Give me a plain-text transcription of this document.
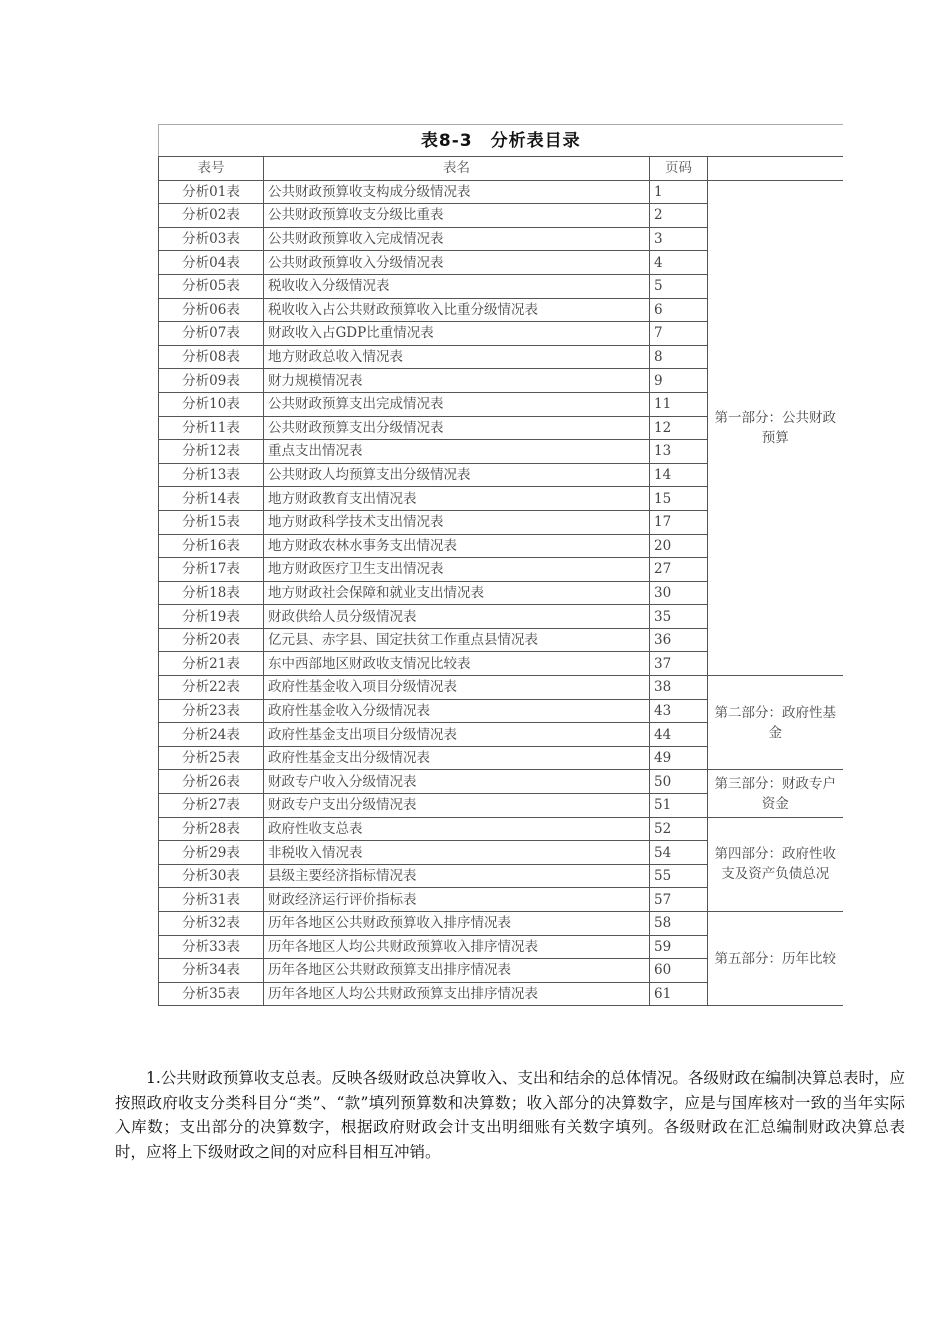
表8-3　分析表目录			
表号	表名	页码	
分析01表	公共财政预算收支构成分级情况表	1	第一部分：公共财政预算
分析02表	公共财政预算收支分级比重表	2	
分析03表	公共财政预算收入完成情况表	3	
分析04表	公共财政预算收入分级情况表	4	
分析05表	税收收入分级情况表	5	
分析06表	税收收入占公共财政预算收入比重分级情况表	6	
分析07表	财政收入占GDP比重情况表	7	
分析08表	地方财政总收入情况表	8	
分析09表	财力规模情况表	9	
分析10表	公共财政预算支出完成情况表	11	
分析11表	公共财政预算支出分级情况表	12	
分析12表	重点支出情况表	13	
分析13表	公共财政人均预算支出分级情况表	14	
分析14表	地方财政教育支出情况表	15	
分析15表	地方财政科学技术支出情况表	17	
分析16表	地方财政农林水事务支出情况表	20	
分析17表	地方财政医疗卫生支出情况表	27	
分析18表	地方财政社会保障和就业支出情况表	30	
分析19表	财政供给人员分级情况表	35	
分析20表	亿元县、赤字县、国定扶贫工作重点县情况表	36	
分析21表	东中西部地区财政收支情况比较表	37	
分析22表	政府性基金收入项目分级情况表	38	第二部分：政府性基金
分析23表	政府性基金收入分级情况表	43	
分析24表	政府性基金支出项目分级情况表	44	
分析25表	政府性基金支出分级情况表	49	
分析26表	财政专户收入分级情况表	50	第三部分：财政专户资金
分析27表	财政专户支出分级情况表	51	
分析28表	政府性收支总表	52	第四部分：政府性收支及资产负债总况
分析29表	非税收入情况表	54	
分析30表	县级主要经济指标情况表	55	
分析31表	财政经济运行评价指标表	57	
分析32表	历年各地区公共财政预算收入排序情况表	58	第五部分：历年比较
分析33表	历年各地区人均公共财政预算收入排序情况表	59	
分析34表	历年各地区公共财政预算支出排序情况表	60	
分析35表	历年各地区人均公共财政预算支出排序情况表	61	

1.公共财政预算收支总表。反映各级财政总决算收入、支出和结余的总体情况。各级财政在编制决算总表时，应按照政府收支分类科目分“类”、“款”填列预算数和决算数；收入部分的决算数字，应是与国库核对一致的当年实际入库数；支出部分的决算数字，根据政府财政会计支出明细账有关数字填列。各级财政在汇总编制财政决算总表时，应将上下级财政之间的对应科目相互冲销。
